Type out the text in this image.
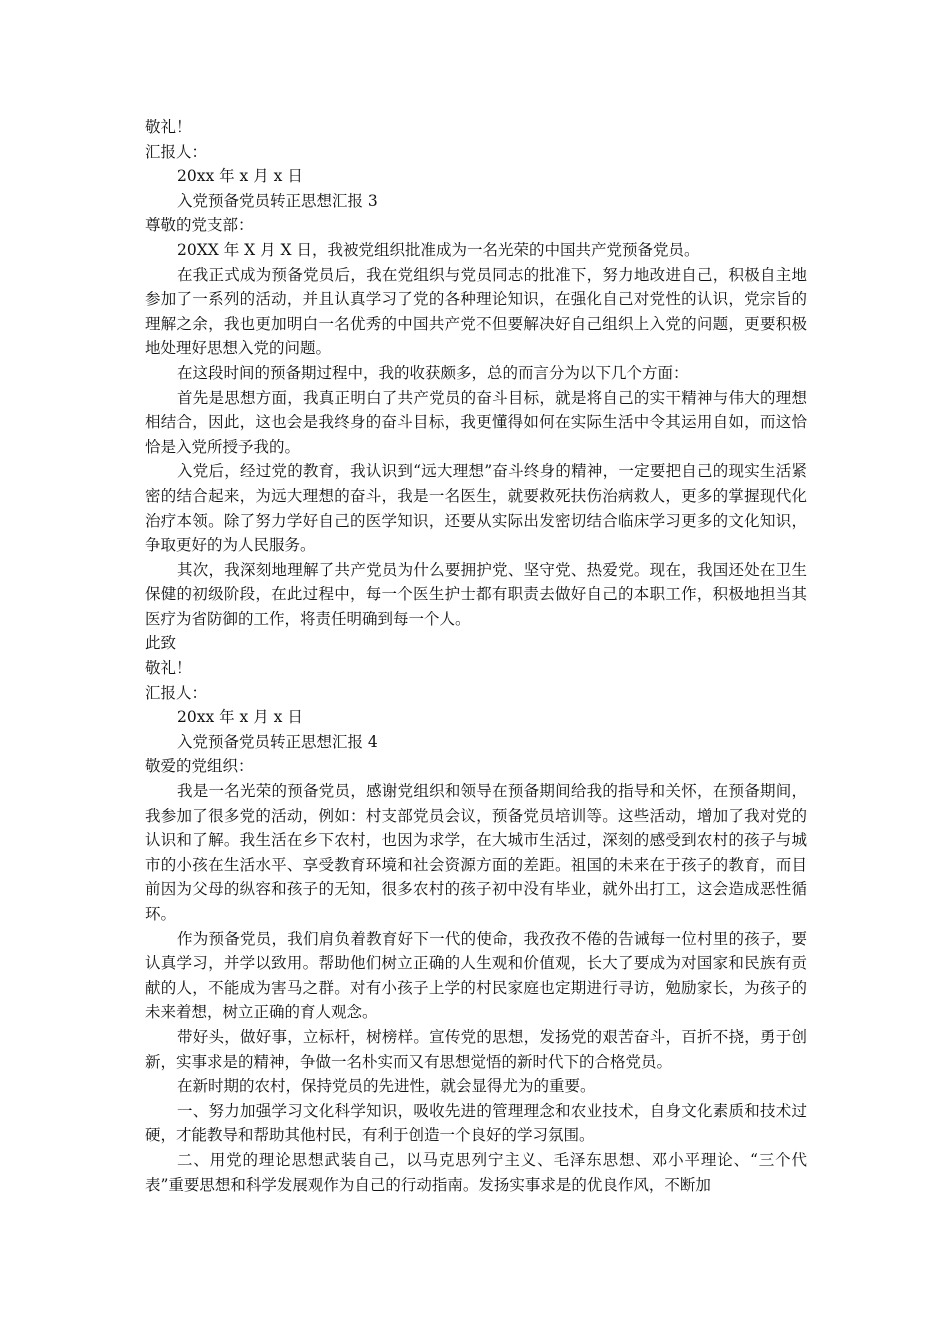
敬礼！

汇报人：

20xx 年 x 月 x 日

入党预备党员转正思想汇报 3

尊敬的党支部：

20XX 年 X 月 X 日，我被党组织批准成为一名光荣的中国共产党预备党员。

在我正式成为预备党员后，我在党组织与党员同志的批准下，努力地改进自己，积极自主地参加了一系列的活动，并且认真学习了党的各种理论知识，在强化自己对党性的认识，党宗旨的理解之余，我也更加明白一名优秀的中国共产党不但要解决好自己组织上入党的问题，更要积极地处理好思想入党的问题。

在这段时间的预备期过程中，我的收获颇多，总的而言分为以下几个方面：

首先是思想方面，我真正明白了共产党员的奋斗目标，就是将自己的实干精神与伟大的理想相结合，因此，这也会是我终身的奋斗目标，我更懂得如何在实际生活中令其运用自如，而这恰恰是入党所授予我的。

入党后，经过党的教育，我认识到“远大理想”奋斗终身的精神，一定要把自己的现实生活紧密的结合起来，为远大理想的奋斗，我是一名医生，就要救死扶伤治病救人，更多的掌握现代化治疗本领。除了努力学好自己的医学知识，还要从实际出发密切结合临床学习更多的文化知识，争取更好的为人民服务。

其次，我深刻地理解了共产党员为什么要拥护党、坚守党、热爱党。现在，我国还处在卫生保健的初级阶段，在此过程中，每一个医生护士都有职责去做好自己的本职工作，积极地担当其医疗为省防御的工作，将责任明确到每一个人。

此致

敬礼！

汇报人：

20xx 年 x 月 x 日

入党预备党员转正思想汇报 4

敬爱的党组织：

我是一名光荣的预备党员，感谢党组织和领导在预备期间给我的指导和关怀，在预备期间，我参加了很多党的活动，例如：村支部党员会议，预备党员培训等。这些活动，增加了我对党的认识和了解。我生活在乡下农村，也因为求学，在大城市生活过，深刻的感受到农村的孩子与城市的小孩在生活水平、享受教育环境和社会资源方面的差距。祖国的未来在于孩子的教育，而目前因为父母的纵容和孩子的无知，很多农村的孩子初中没有毕业，就外出打工，这会造成恶性循环。

作为预备党员，我们肩负着教育好下一代的使命，我孜孜不倦的告诫每一位村里的孩子，要认真学习，并学以致用。帮助他们树立正确的人生观和价值观，长大了要成为对国家和民族有贡献的人，不能成为害马之群。对有小孩子上学的村民家庭也定期进行寻访，勉励家长，为孩子的未来着想，树立正确的育人观念。

带好头，做好事，立标杆，树榜样。宣传党的思想，发扬党的艰苦奋斗，百折不挠，勇于创新，实事求是的精神，争做一名朴实而又有思想觉悟的新时代下的合格党员。

在新时期的农村，保持党员的先进性，就会显得尤为的重要。

一、努力加强学习文化科学知识，吸收先进的管理理念和农业技术，自身文化素质和技术过硬，才能教导和帮助其他村民，有利于创造一个良好的学习氛围。

二、用党的理论思想武装自己，以马克思列宁主义、毛泽东思想、邓小平理论、“三个代表”重要思想和科学发展观作为自己的行动指南。发扬实事求是的优良作风，不断加
